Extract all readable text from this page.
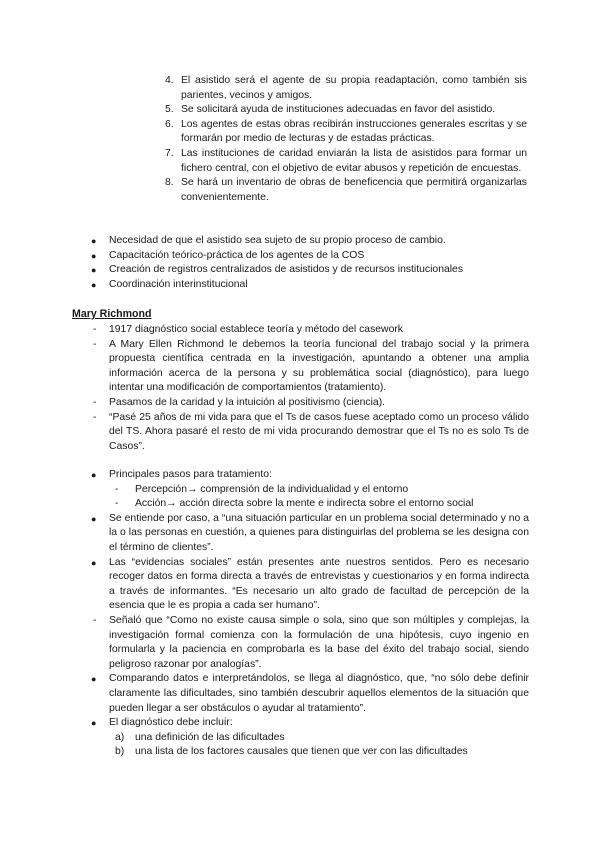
4. El asistido será el agente de su propia readaptación, como también sis parientes, vecinos y amigos.
5. Se solicitará ayuda de instituciones adecuadas en favor del asistido.
6. Los agentes de estas obras recibirán instrucciones generales escritas y se formarán por medio de lecturas y de estadas prácticas.
7. Las instituciones de caridad enviarán la lista de asistidos para formar un fichero central, con el objetivo de evitar abusos y repetición de encuestas.
8. Se hará un inventario de obras de beneficencia que permitirá organizarlas convenientemente.
● Necesidad de que el asistido sea sujeto de su propio proceso de cambio.
● Capacitación teórico-práctica de los agentes de la COS
● Creación de registros centralizados de asistidos y de recursos institucionales
● Coordinación interinstitucional
Mary Richmond
- 1917 diagnóstico social establece teoría y método del casework
- A Mary Ellen Richmond le debemos la teoría funcional del trabajo social y la primera propuesta científica centrada en la investigación, apuntando a obtener una amplia información acerca de la persona y su problemática social (diagnóstico), para luego intentar una modificación de comportamientos (tratamiento).
- Pasamos de la caridad y la intuición al positivismo (ciencia).
- “Pasé 25 años de mi vida para que el Ts de casos fuese aceptado como un proceso válido del TS. Ahora pasaré el resto de mi vida procurando demostrar que el Ts no es solo Ts de Casos”.
● Principales pasos para tratamiento:
- Percepción→ comprensión de la individualidad y el entorno
- Acción→ acción directa sobre la mente e indirecta sobre el entorno social
● Se entiende por caso, a “una situación particular en un problema social determinado y no a la o las personas en cuestión, a quienes para distinguirlas del problema se les designa con el término de clientes”.
● Las “evidencias sociales” están presentes ante nuestros sentidos. Pero es necesario recoger datos en forma directa a través de entrevistas y cuestionarios y en forma indirecta a través de informantes. “Es necesario un alto grado de facultad de percepción de la esencia que le es propia a cada ser humano”.
- Señaló que “Como no existe causa simple o sola, sino que son múltiples y complejas, la investigación formal comienza con la formulación de una hipótesis, cuyo ingenio en formularla y la paciencia en comprobarla es la base del éxito del trabajo social, siendo peligroso razonar por analogías”.
● Comparando datos e interpretándolos, se llega al diagnóstico, que, “no sólo debe definir claramente las dificultades, sino también descubrir aquellos elementos de la situación que pueden llegar a ser obstáculos o ayudar al tratamiento”.
● El diagnóstico debe incluir:
a) una definición de las dificultades
b) una lista de los factores causales que tienen que ver con las dificultades
